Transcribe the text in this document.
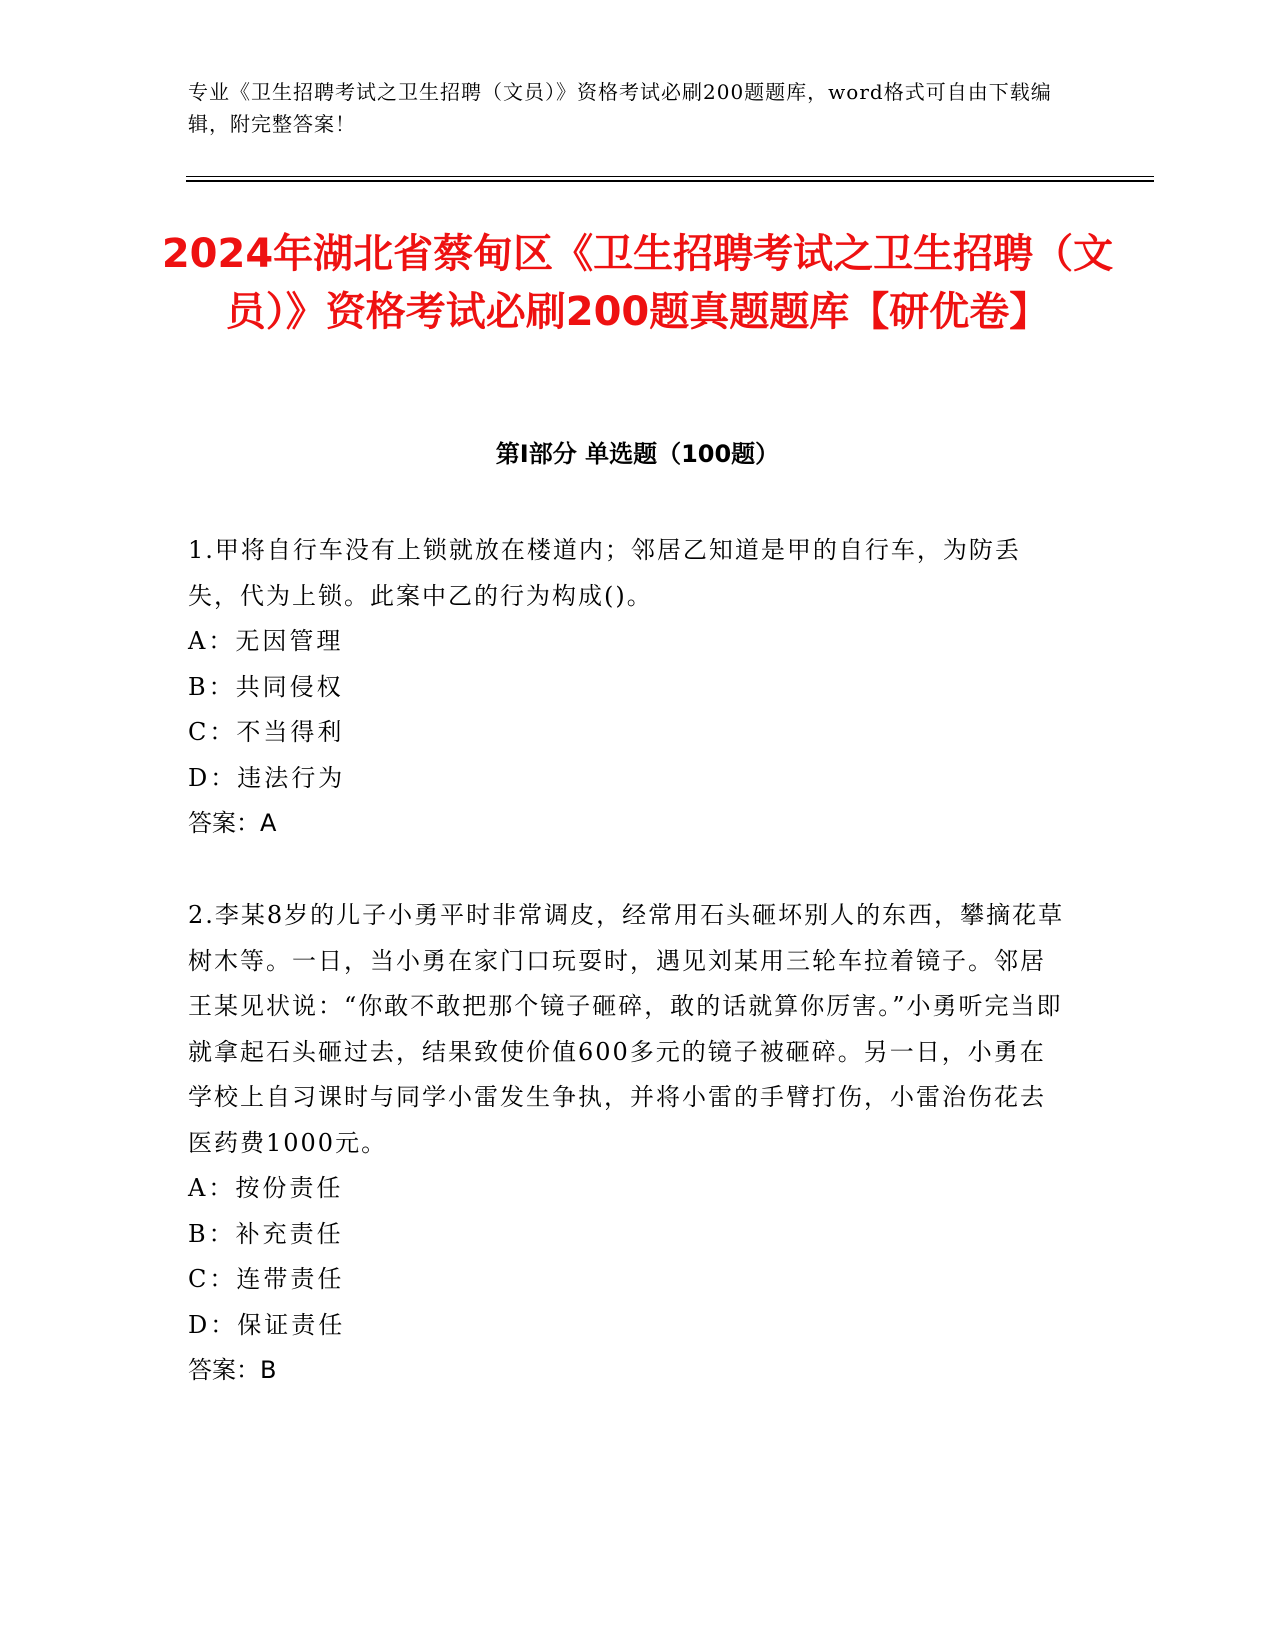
专业《卫生招聘考试之卫生招聘（文员）》资格考试必刷200题题库，word格式可自由下载编辑，附完整答案！
2024年湖北省蔡甸区《卫生招聘考试之卫生招聘（文员）》资格考试必刷200题真题题库【研优卷】
第I部分 单选题（100题）

1.甲将自行车没有上锁就放在楼道内；邻居乙知道是甲的自行车，为防丢失，代为上锁。此案中乙的行为构成()。

A：无因管理

B：共同侵权

C：不当得利

D：违法行为

答案：A

2.李某8岁的儿子小勇平时非常调皮，经常用石头砸坏别人的东西，攀摘花草树木等。一日，当小勇在家门口玩耍时，遇见刘某用三轮车拉着镜子。邻居王某见状说：“你敢不敢把那个镜子砸碎，敢的话就算你厉害。”小勇听完当即就拿起石头砸过去，结果致使价值600多元的镜子被砸碎。另一日，小勇在学校上自习课时与同学小雷发生争执，并将小雷的手臂打伤，小雷治伤花去医药费1000元。

A：按份责任

B：补充责任

C：连带责任

D：保证责任

答案：B
